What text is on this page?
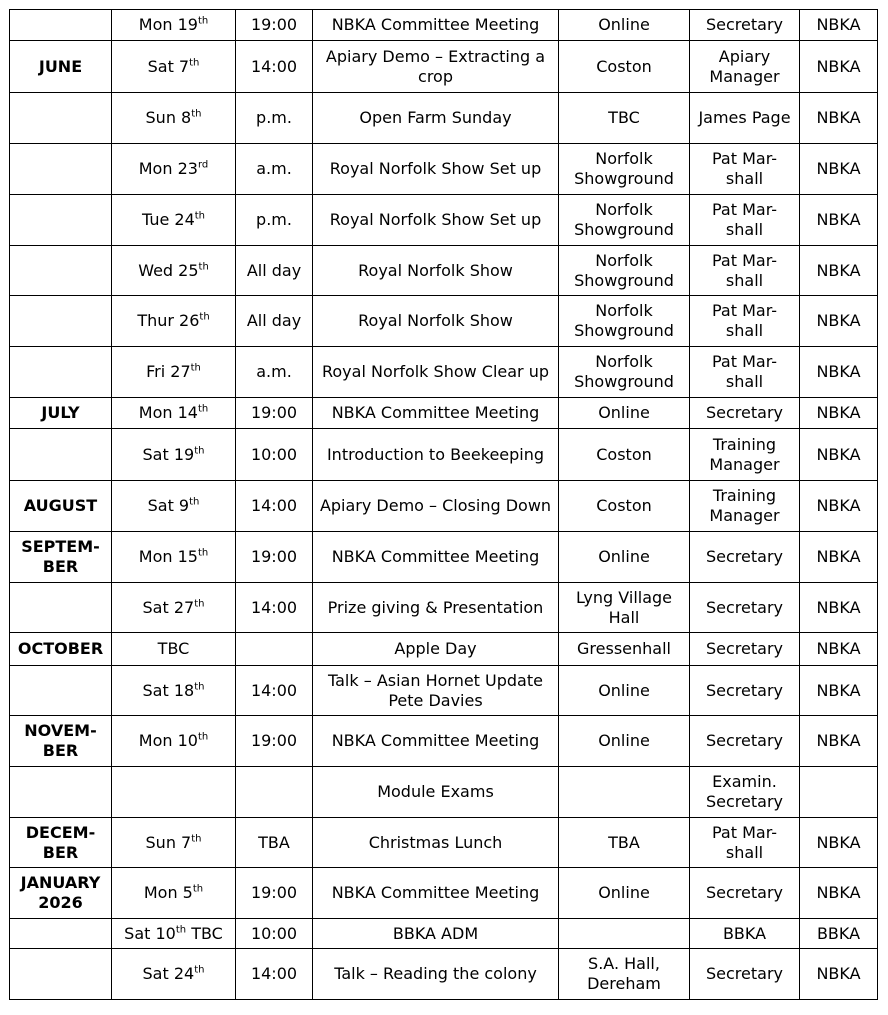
	Mon 19th	19:00	NBKA Committee Meeting	Online	Secretary	NBKA
JUNE	Sat 7th	14:00	Apiary Demo – Extracting a crop	Coston	Apiary Manager	NBKA
	Sun 8th	p.m.	Open Farm Sunday	TBC	James Page	NBKA
	Mon 23rd	a.m.	Royal Norfolk Show Set up	Norfolk Showground	Pat Mar-shall	NBKA
	Tue 24th	p.m.	Royal Norfolk Show Set up	Norfolk Showground	Pat Mar-shall	NBKA
	Wed 25th	All day	Royal Norfolk Show	Norfolk Showground	Pat Mar-shall	NBKA
	Thur 26th	All day	Royal Norfolk Show	Norfolk Showground	Pat Mar-shall	NBKA
	Fri 27th	a.m.	Royal Norfolk Show Clear up	Norfolk Showground	Pat Mar-shall	NBKA
JULY	Mon 14th	19:00	NBKA Committee Meeting	Online	Secretary	NBKA
	Sat 19th	10:00	Introduction to Beekeeping	Coston	Training Manager	NBKA
AUGUST	Sat 9th	14:00	Apiary Demo – Closing Down	Coston	Training Manager	NBKA
SEPTEM-BER	Mon 15th	19:00	NBKA Committee Meeting	Online	Secretary	NBKA
	Sat 27th	14:00	Prize giving & Presentation	Lyng Village Hall	Secretary	NBKA
OCTOBER	TBC		Apple Day	Gressenhall	Secretary	NBKA
	Sat 18th	14:00	Talk – Asian Hornet Update Pete Davies	Online	Secretary	NBKA
NOVEM-BER	Mon 10th	19:00	NBKA Committee Meeting	Online	Secretary	NBKA
			Module Exams		Examin. Secretary	
DECEM-BER	Sun 7th	TBA	Christmas Lunch	TBA	Pat Mar-shall	NBKA
JANUARY 2026	Mon 5th	19:00	NBKA Committee Meeting	Online	Secretary	NBKA
	Sat 10th TBC	10:00	BBKA ADM		BBKA	BBKA
	Sat 24th	14:00	Talk – Reading the colony	S.A. Hall, Dereham	Secretary	NBKA
